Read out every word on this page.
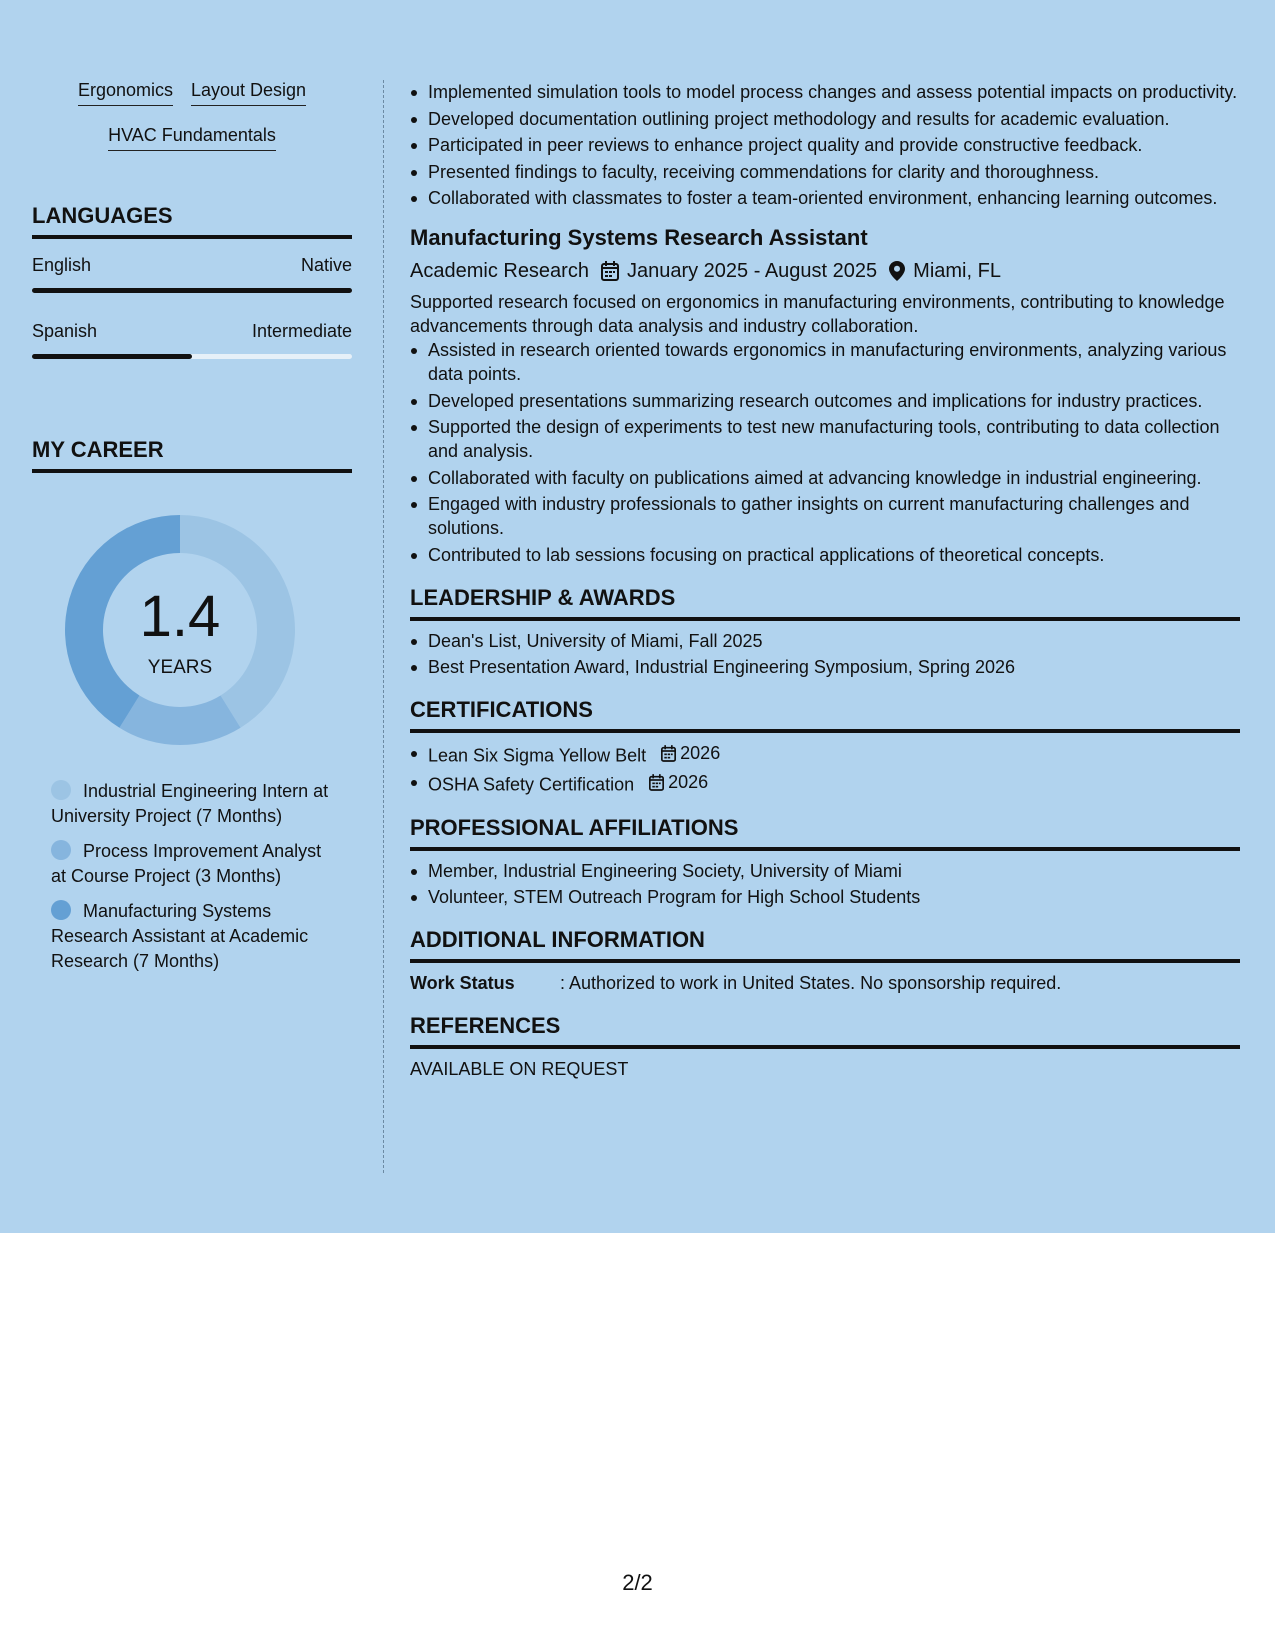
Ergonomics Layout Design
HVAC Fundamentals
LANGUAGES
English	Native
Spanish	Intermediate
MY CAREER
1.4
YEARS
Industrial Engineering Intern at University Project (7 Months)
Process Improvement Analyst at Course Project (3 Months)
Manufacturing Systems Research Assistant at Academic Research (7 Months)
Implemented simulation tools to model process changes and assess potential impacts on productivity.
Developed documentation outlining project methodology and results for academic evaluation.
Participated in peer reviews to enhance project quality and provide constructive feedback.
Presented findings to faculty, receiving commendations for clarity and thoroughness.
Collaborated with classmates to foster a team-oriented environment, enhancing learning outcomes.
Manufacturing Systems Research Assistant
Academic Research January 2025 - August 2025 Miami, FL
Supported research focused on ergonomics in manufacturing environments, contributing to knowledge advancements through data analysis and industry collaboration.
Assisted in research oriented towards ergonomics in manufacturing environments, analyzing various data points.
Developed presentations summarizing research outcomes and implications for industry practices.
Supported the design of experiments to test new manufacturing tools, contributing to data collection and analysis.
Collaborated with faculty on publications aimed at advancing knowledge in industrial engineering.
Engaged with industry professionals to gather insights on current manufacturing challenges and solutions.
Contributed to lab sessions focusing on practical applications of theoretical concepts.
LEADERSHIP & AWARDS
Dean's List, University of Miami, Fall 2025
Best Presentation Award, Industrial Engineering Symposium, Spring 2026
CERTIFICATIONS
Lean Six Sigma Yellow Belt 2026
OSHA Safety Certification 2026
PROFESSIONAL AFFILIATIONS
Member, Industrial Engineering Society, University of Miami
Volunteer, STEM Outreach Program for High School Students
ADDITIONAL INFORMATION
Work Status	: Authorized to work in United States. No sponsorship required.
REFERENCES
AVAILABLE ON REQUEST
2/2
